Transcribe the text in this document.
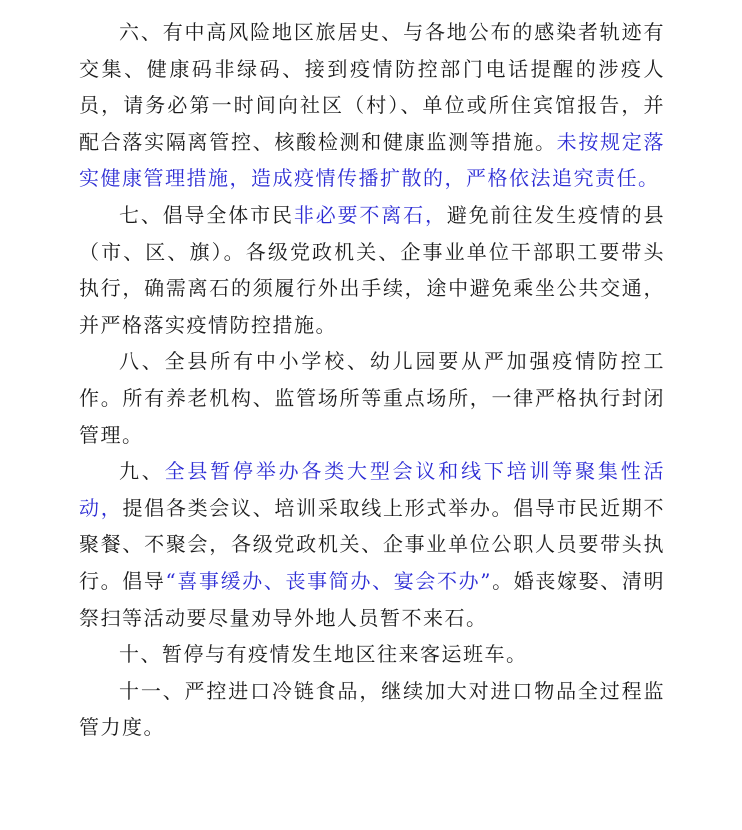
六、有中高风险地区旅居史、与各地公布的感染者轨迹有交集、健康码非绿码、接到疫情防控部门电话提醒的涉疫人员，请务必第一时间向社区（村）、单位或所住宾馆报告，并配合落实隔离管控、核酸检测和健康监测等措施。未按规定落实健康管理措施，造成疫情传播扩散的，严格依法追究责任。

七、倡导全体市民非必要不离石，避免前往发生疫情的县（市、区、旗）。各级党政机关、企事业单位干部职工要带头执行，确需离石的须履行外出手续，途中避免乘坐公共交通，并严格落实疫情防控措施。

八、全县所有中小学校、幼儿园要从严加强疫情防控工作。所有养老机构、监管场所等重点场所，一律严格执行封闭管理。

九、全县暂停举办各类大型会议和线下培训等聚集性活动，提倡各类会议、培训采取线上形式举办。倡导市民近期不聚餐、不聚会，各级党政机关、企事业单位公职人员要带头执行。倡导“喜事缓办、丧事简办、宴会不办”。婚丧嫁娶、清明祭扫等活动要尽量劝导外地人员暂不来石。

十、暂停与有疫情发生地区往来客运班车。

十一、严控进口冷链食品，继续加大对进口物品全过程监管力度。
